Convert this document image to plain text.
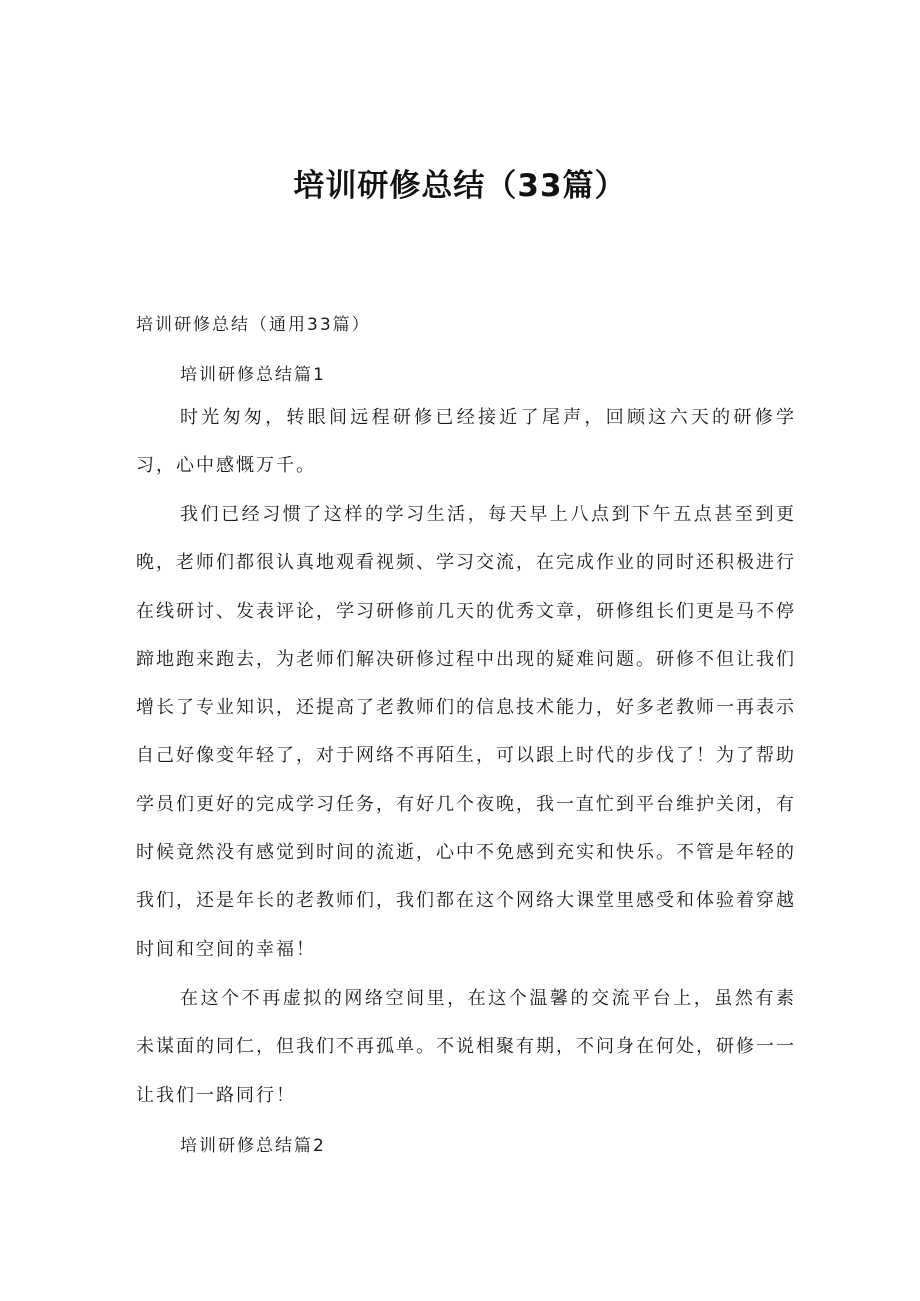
培训研修总结（33篇）

培训研修总结（通用33篇）

培训研修总结篇1

时光匆匆，转眼间远程研修已经接近了尾声，回顾这六天的研修学习，心中感慨万千。

我们已经习惯了这样的学习生活，每天早上八点到下午五点甚至到更晚，老师们都很认真地观看视频、学习交流，在完成作业的同时还积极进行在线研讨、发表评论，学习研修前几天的优秀文章，研修组长们更是马不停蹄地跑来跑去，为老师们解决研修过程中出现的疑难问题。研修不但让我们增长了专业知识，还提高了老教师们的信息技术能力，好多老教师一再表示自己好像变年轻了，对于网络不再陌生，可以跟上时代的步伐了！为了帮助学员们更好的完成学习任务，有好几个夜晚，我一直忙到平台维护关闭，有时候竟然没有感觉到时间的流逝，心中不免感到充实和快乐。不管是年轻的我们，还是年长的老教师们，我们都在这个网络大课堂里感受和体验着穿越时间和空间的幸福！

在这个不再虚拟的网络空间里，在这个温馨的交流平台上，虽然有素未谋面的同仁，但我们不再孤单。不说相聚有期，不问身在何处，研修一一让我们一路同行！

培训研修总结篇2
